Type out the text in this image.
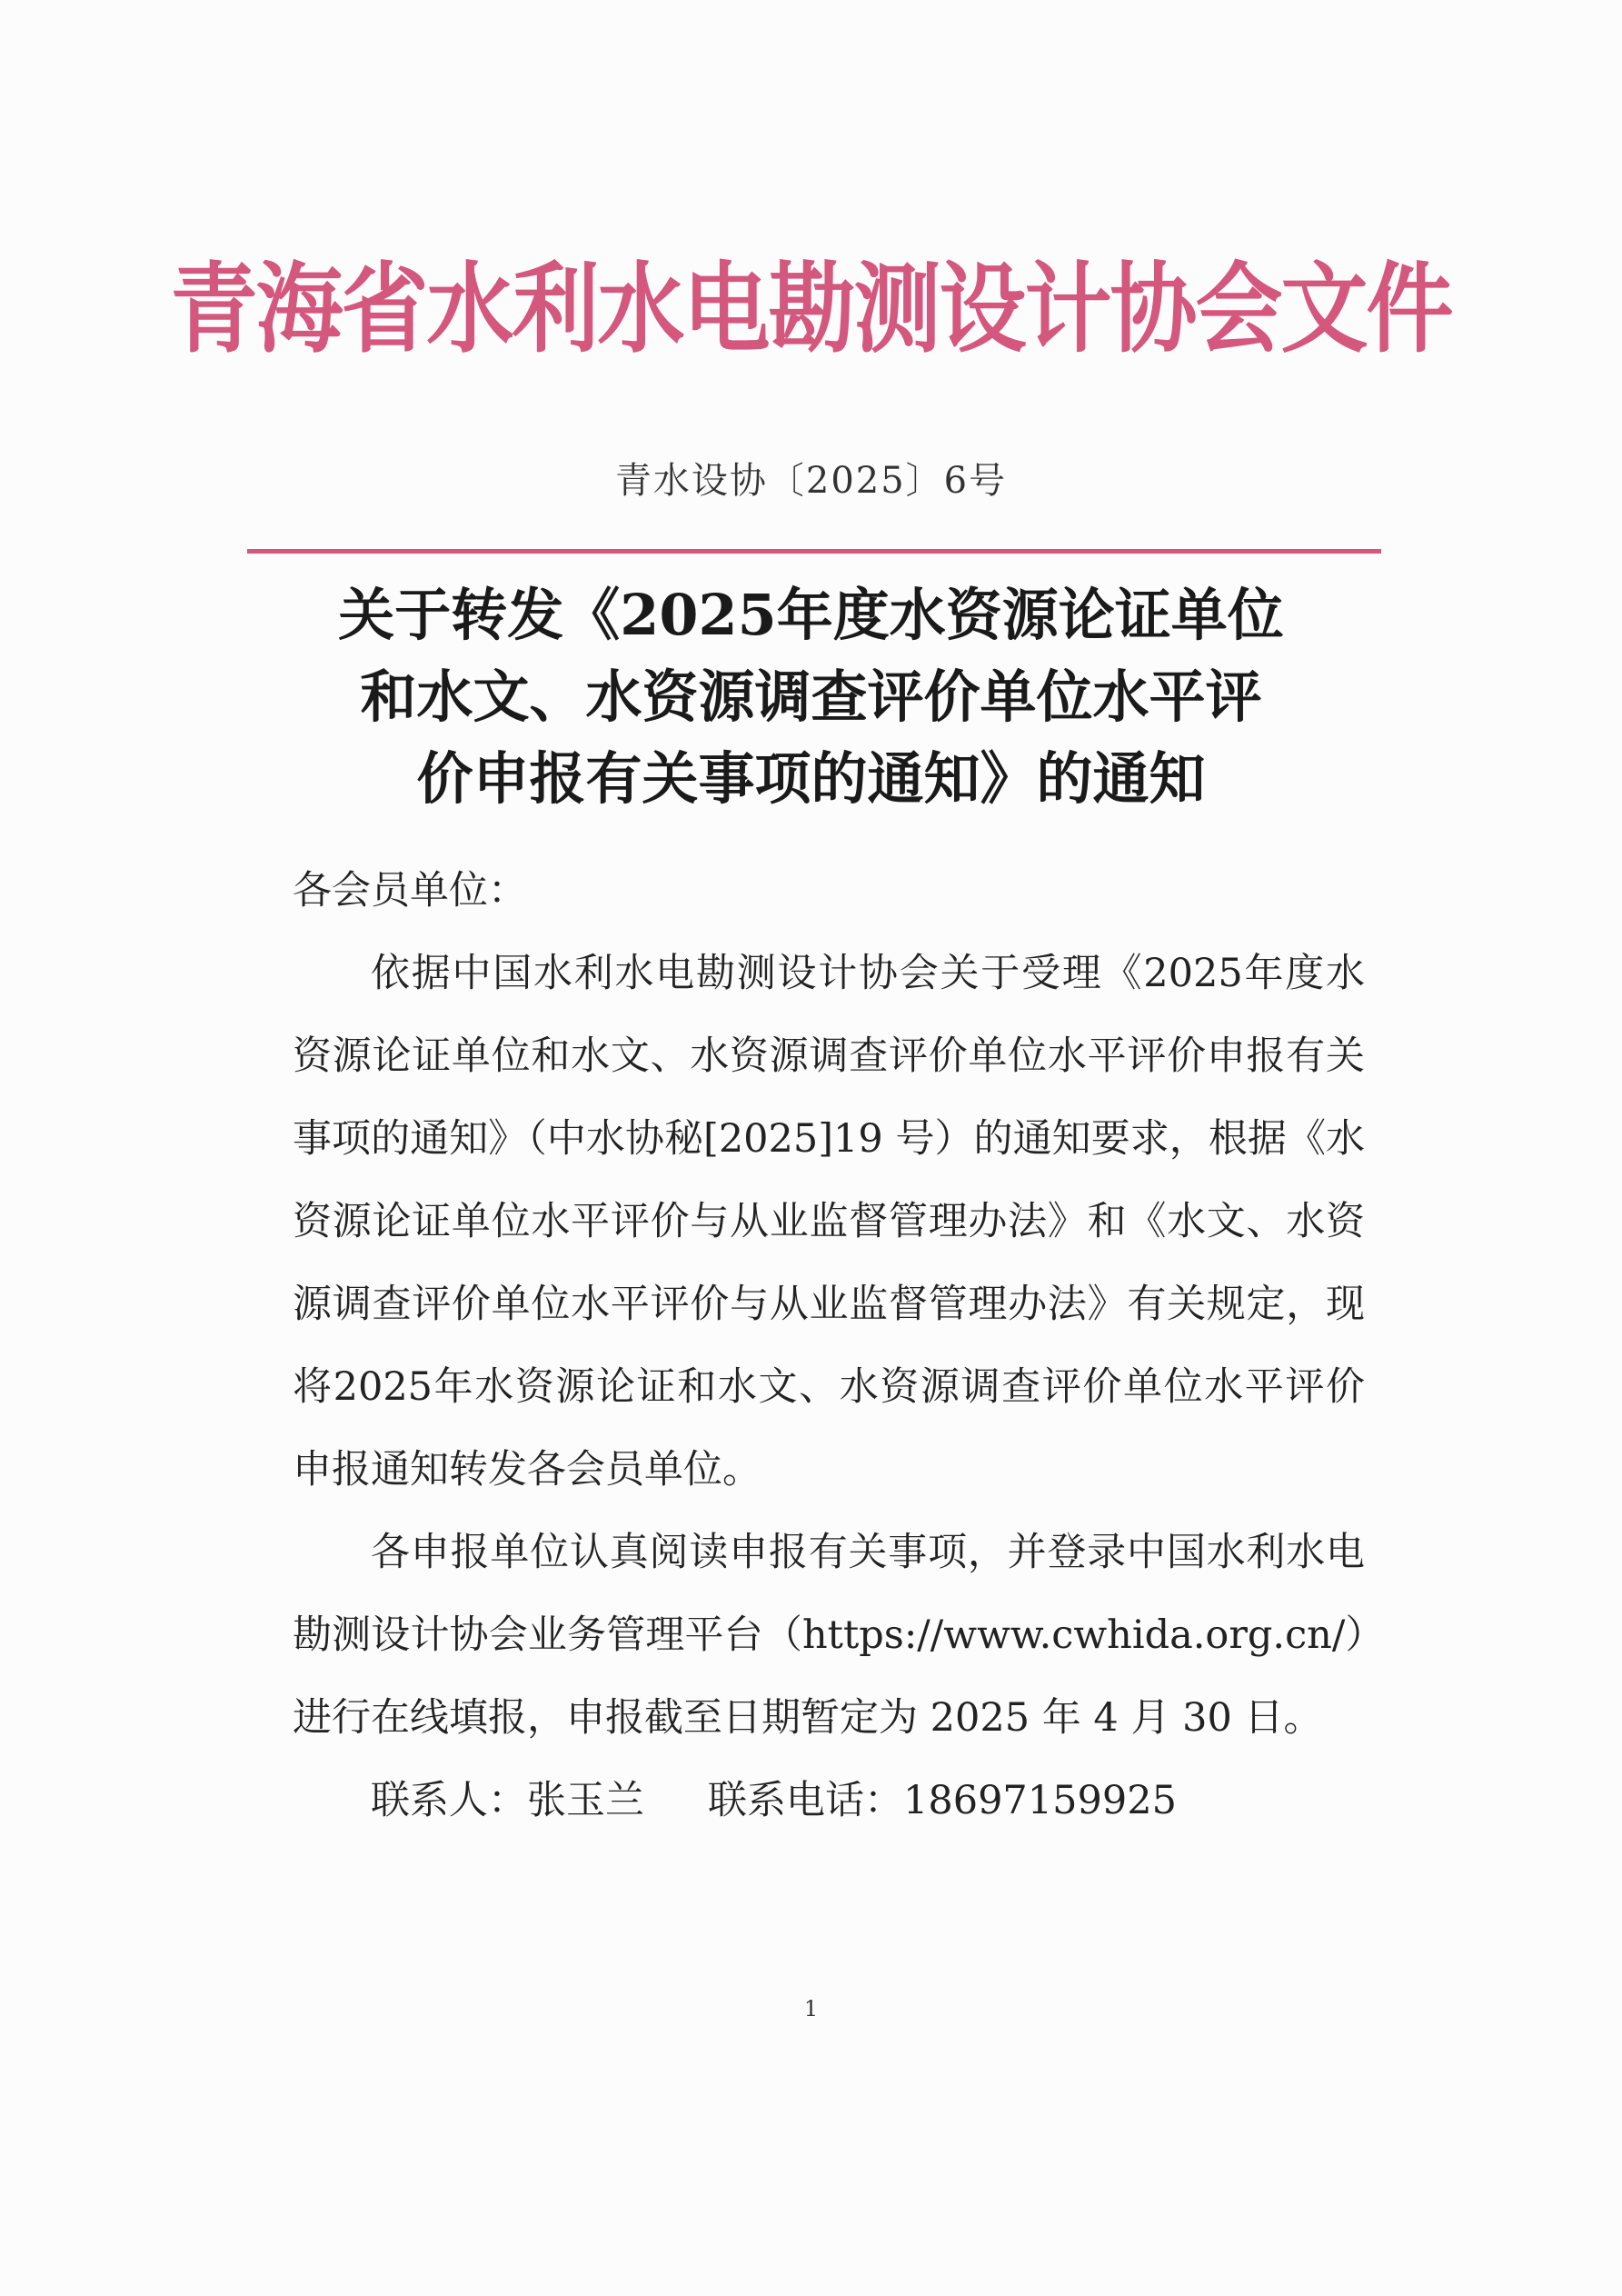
青海省水利水电勘测设计协会文件
青水设协〔2025〕6号
关于转发《2025年度水资源论证单位
和水文、水资源调查评价单位水平评
价申报有关事项的通知》的通知

各会员单位：

依据中国水利水电勘测设计协会关于受理《2025年度水资源论证单位和水文、水资源调查评价单位水平评价申报有关事项的通知》（中水协秘[2025]19 号）的通知要求，根据《水资源论证单位水平评价与从业监督管理办法》和《水文、水资源调查评价单位水平评价与从业监督管理办法》有关规定，现将2025年水资源论证和水文、水资源调查评价单位水平评价申报通知转发各会员单位。

各申报单位认真阅读申报有关事项，并登录中国水利水电勘测设计协会业务管理平台（https://www.cwhida.org.cn/）进行在线填报，申报截至日期暂定为 2025 年 4 月 30 日。

联系人：张玉兰 联系电话：18697159925

1
